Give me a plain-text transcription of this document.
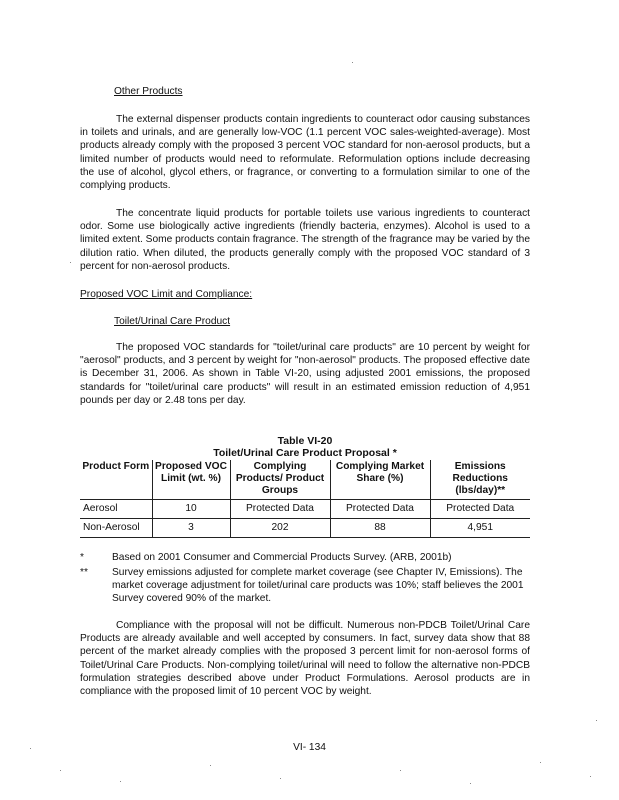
Other Products

The external dispenser products contain ingredients to counteract odor causing substances in toilets and urinals, and are generally low-VOC (1.1 percent VOC sales-weighted-average). Most products already comply with the proposed 3 percent VOC standard for non-aerosol products, but a limited number of products would need to reformulate. Reformulation options include decreasing the use of alcohol, glycol ethers, or fragrance, or converting to a formulation similar to one of the complying products.

The concentrate liquid products for portable toilets use various ingredients to counteract odor. Some use biologically active ingredients (friendly bacteria, enzymes). Alcohol is used to a limited extent. Some products contain fragrance. The strength of the fragrance may be varied by the dilution ratio. When diluted, the products generally comply with the proposed VOC standard of 3 percent for non-aerosol products.

Proposed VOC Limit and Compliance:
Toilet/Urinal Care Product

The proposed VOC standards for "toilet/urinal care products" are 10 percent by weight for "aerosol" products, and 3 percent by weight for "non-aerosol" products. The proposed effective date is December 31, 2006. As shown in Table VI-20, using adjusted 2001 emissions, the proposed standards for "toilet/urinal care products" will result in an estimated emission reduction of 4,951 pounds per day or 2.48 tons per day.

Table VI-20
Toilet/Urinal Care Product Proposal *
Product Form	Proposed VOC Limit (wt. %)	Complying Products/ Product Groups	Complying Market Share (%)	Emissions Reductions (lbs/day)**
Aerosol	10	Protected Data	Protected Data	Protected Data
Non-Aerosol	3	202	88	4,951
*	Based on 2001 Consumer and Commercial Products Survey. (ARB, 2001b)
** Survey emissions adjusted for complete market coverage (see Chapter IV, Emissions). The market coverage adjustment for toilet/urinal care products was 10%; staff believes the 2001 Survey covered 90% of the market.

Compliance with the proposal will not be difficult. Numerous non-PDCB Toilet/Urinal Care Products are already available and well accepted by consumers. In fact, survey data show that 88 percent of the market already complies with the proposed 3 percent limit for non-aerosol forms of Toilet/Urinal Care Products. Non-complying toilet/urinal will need to follow the alternative non-PDCB formulation strategies described above under Product Formulations. Aerosol products are in compliance with the proposed limit of 10 percent VOC by weight.

VI- 134
